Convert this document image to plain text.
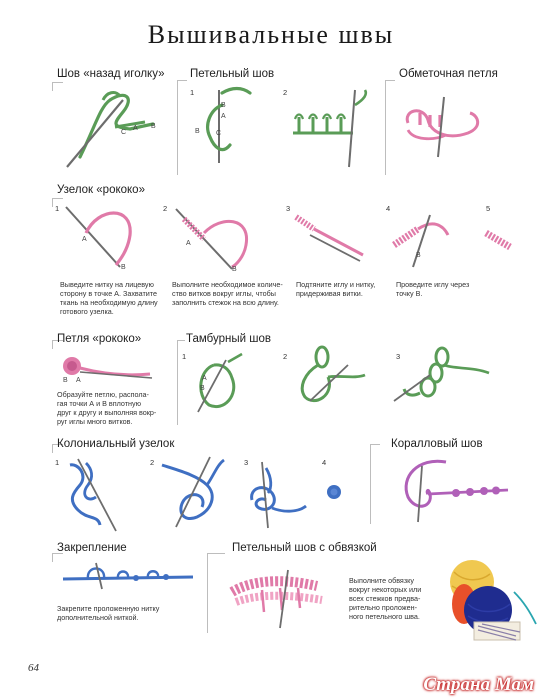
Вышивальные швы
Шов «назад иголку»
C
A B
Петельный шов
1	2
B C
B
A
Обметочная петля
Узелок «рококо»
1	2	3	4	5
A
B
A
B
B
Выведите нитку на лицевую
сторону в точке А. Захватите
ткань на необходимую длину
готового узелка.
Выполните необходимое количе-
ство витков вокруг иглы, чтобы
заполнить стежок на всю длину.
Подтяните иглу и нитку,
придерживая витки.
Проведите иглу через
точку В.
Петля «рококо»
B A
Образуйте петлю, распола-
гая точки А и В вплотную
друг к другу и выполняя вокр-
руг иглы много витков.
Тамбурный шов
1	2	3
A
B
Колониальный узелок
1	2	3	4
Коралловый шов
Закрепление
Закрепите проложенную нитку
дополнительной ниткой.
Петельный шов с обвязкой
Выполните обвязку
вокруг некоторых или
всех стежков предва-
рительно проложен-
ного петельного шва.
64
Страна Мам
